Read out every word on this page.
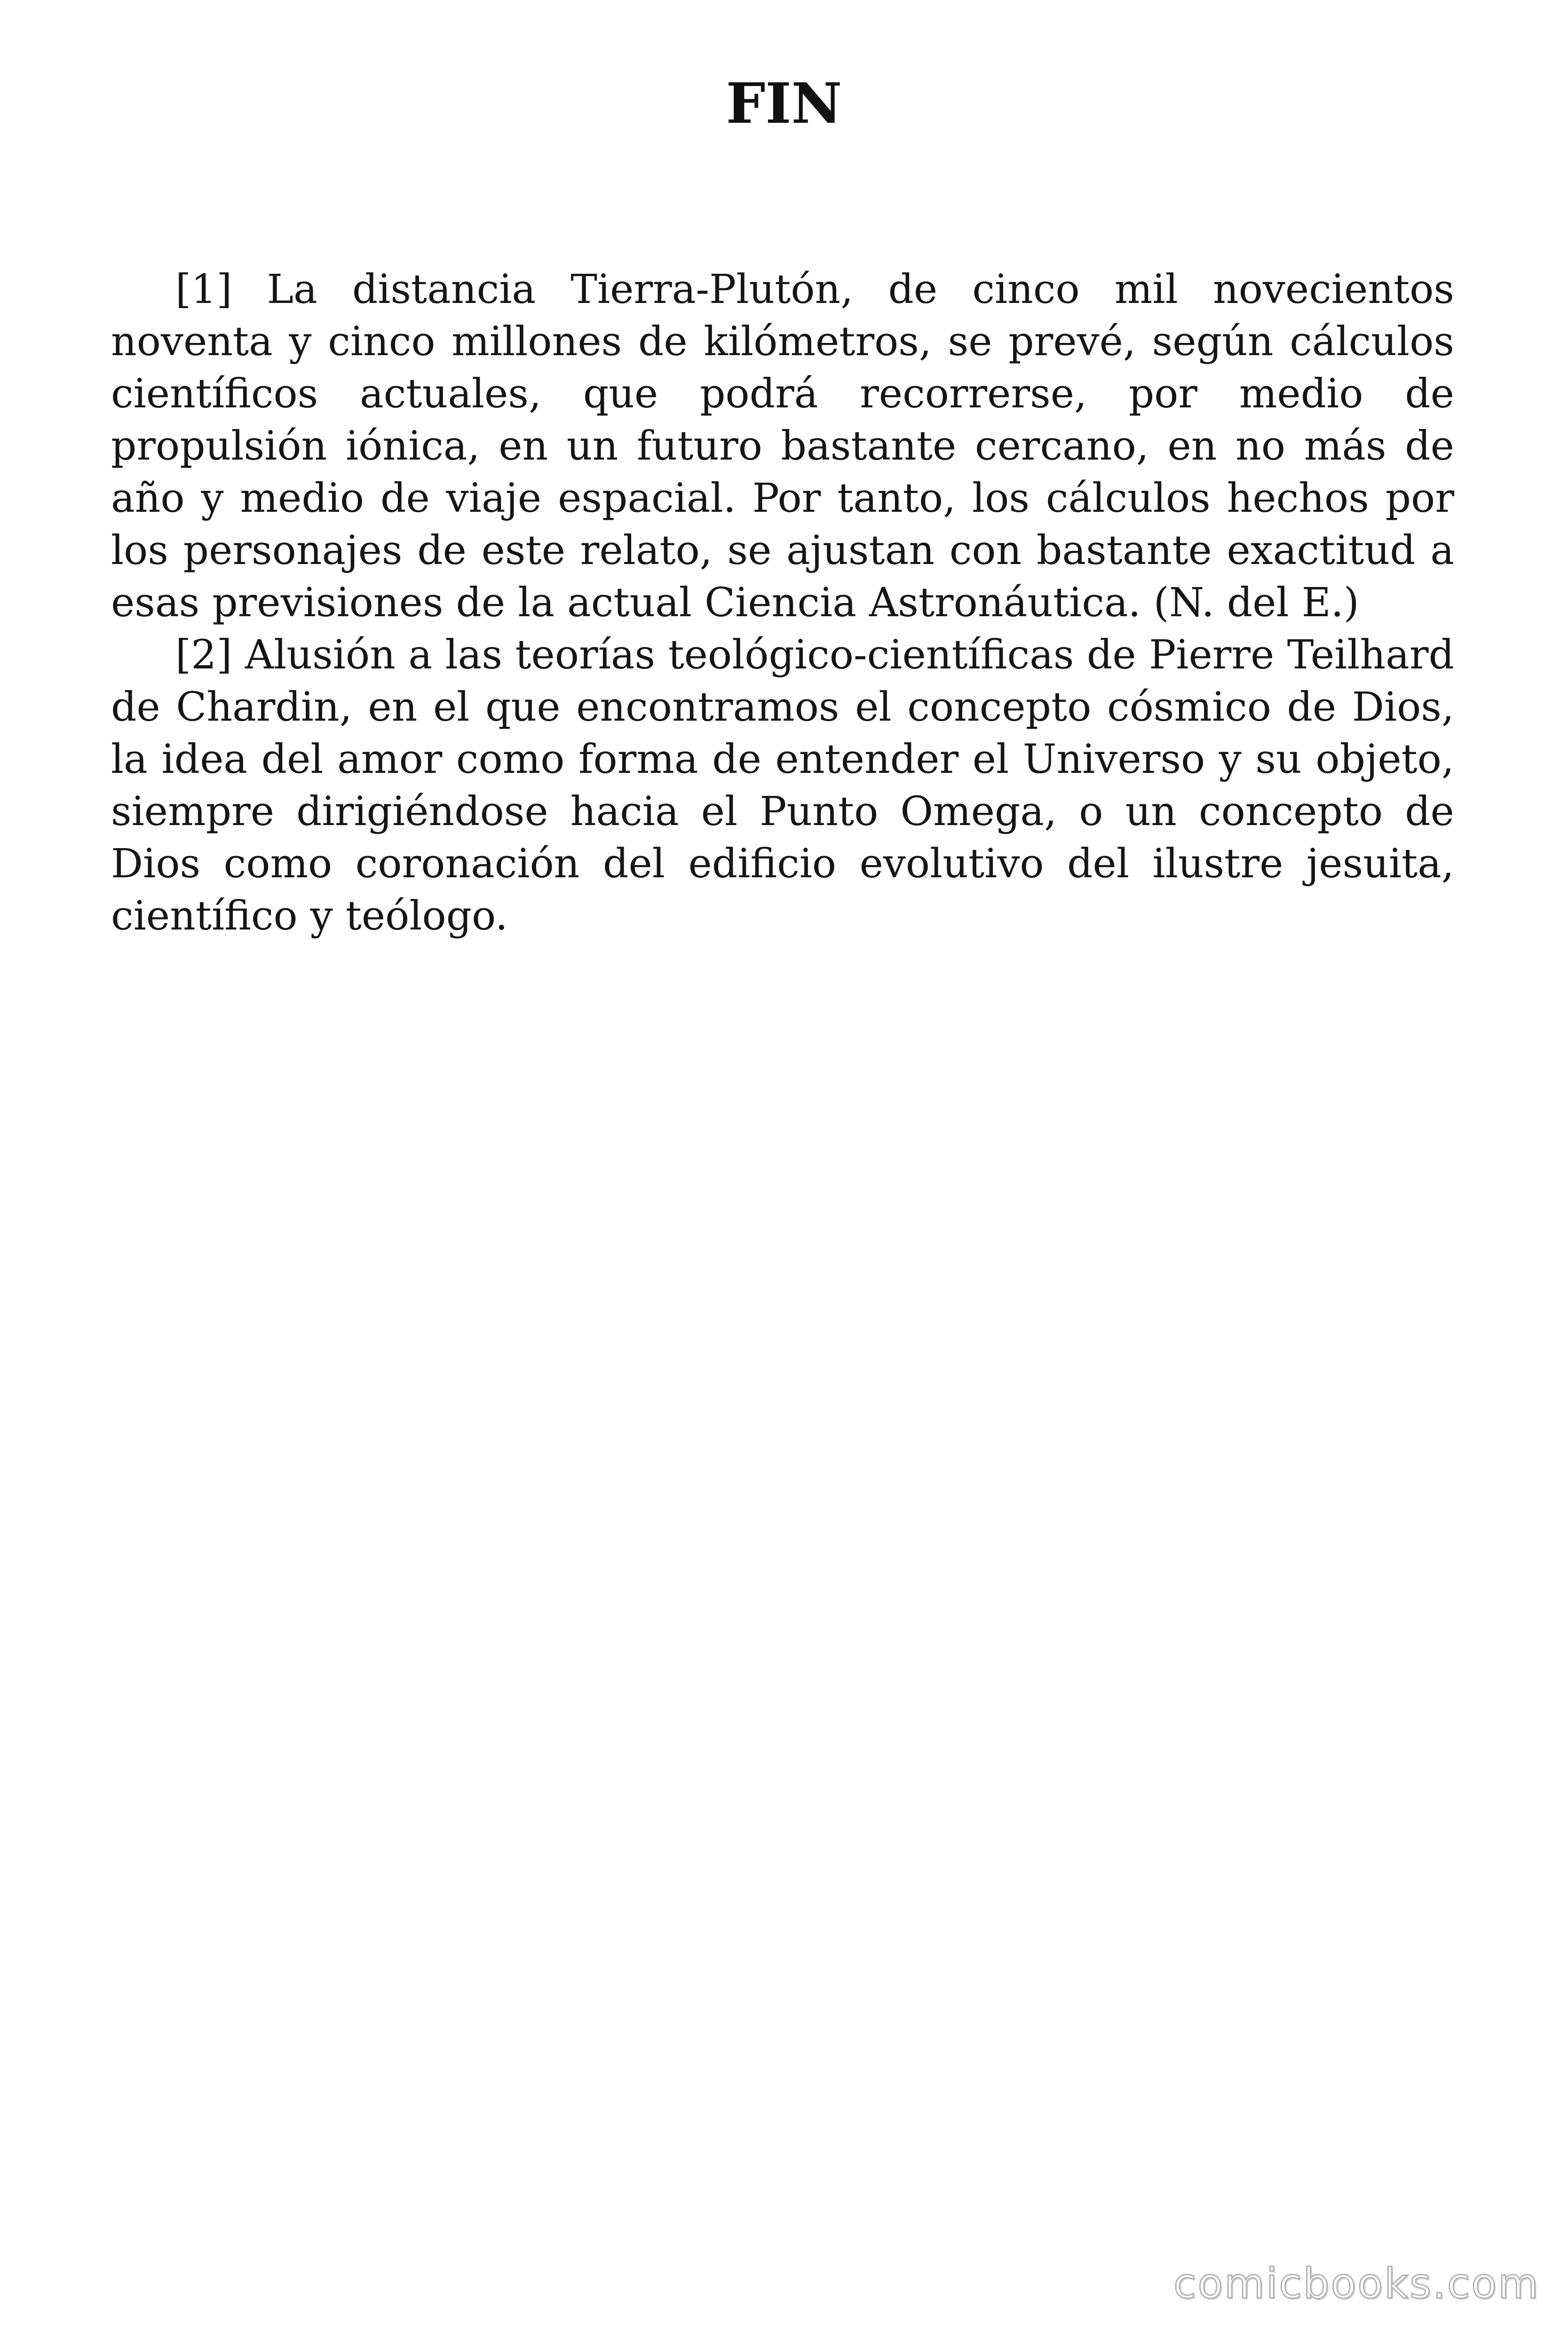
FIN

[1] La distancia Tierra-Plutón, de cinco mil novecientos noventa y cinco millones de kilómetros, se prevé, según cálculos científicos actuales, que podrá recorrerse, por medio de propulsión iónica, en un futuro bastante cercano, en no más de año y medio de viaje espacial. Por tanto, los cálculos hechos por los personajes de este relato, se ajustan con bastante exactitud a esas previsiones de la actual Ciencia Astronáutica. (N. del E.)

[2] Alusión a las teorías teológico-científicas de Pierre Teilhard de Chardin, en el que encontramos el concepto cósmico de Dios, la idea del amor como forma de entender el Universo y su objeto, siempre dirigiéndose hacia el Punto Omega, o un concepto de Dios como coronación del edificio evolutivo del ilustre jesuita, científico y teólogo.

comicbooks.com
